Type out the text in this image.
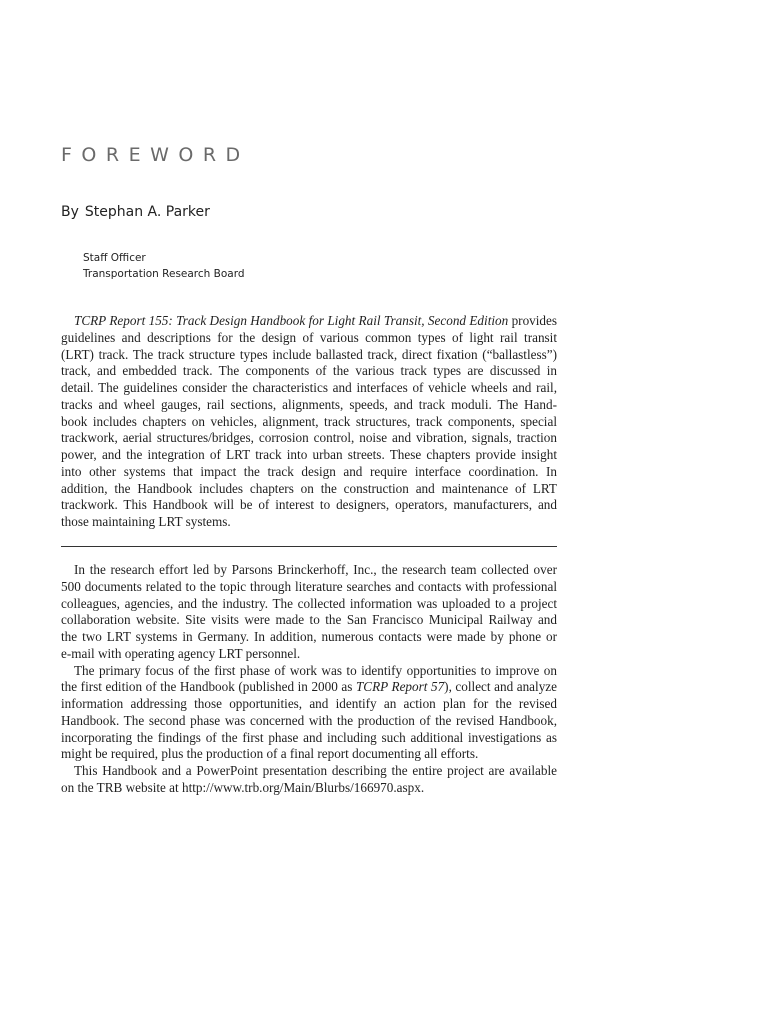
FOREWORD
By Stephan A. Parker
Staff Officer
Transportation Research Board
TCRP Report 155: Track Design Handbook for Light Rail Transit, Second Edition provides
guidelines and descriptions for the design of various common types of light rail transit
(LRT) track. The track structure types include ballasted track, direct fixation (“ballastless”)
track, and embedded track. The components of the various track types are discussed in
detail. The guidelines consider the characteristics and interfaces of vehicle wheels and rail,
tracks and wheel gauges, rail sections, alignments, speeds, and track moduli. The Hand-
book includes chapters on vehicles, alignment, track structures, track components, special
trackwork, aerial structures/bridges, corrosion control, noise and vibration, signals, traction
power, and the integration of LRT track into urban streets. These chapters provide insight
into other systems that impact the track design and require interface coordination. In
addition, the Handbook includes chapters on the construction and maintenance of LRT
trackwork. This Handbook will be of interest to designers, operators, manufacturers, and
those maintaining LRT systems.
In the research effort led by Parsons Brinckerhoff, Inc., the research team collected over
500 documents related to the topic through literature searches and contacts with professional
colleagues, agencies, and the industry. The collected information was uploaded to a project
collaboration website. Site visits were made to the San Francisco Municipal Railway and
the two LRT systems in Germany. In addition, numerous contacts were made by phone or
e-mail with operating agency LRT personnel.
The primary focus of the first phase of work was to identify opportunities to improve on
the first edition of the Handbook (published in 2000 as TCRP Report 57), collect and analyze
information addressing those opportunities, and identify an action plan for the revised
Handbook. The second phase was concerned with the production of the revised Handbook,
incorporating the findings of the first phase and including such additional investigations as
might be required, plus the production of a final report documenting all efforts.
This Handbook and a PowerPoint presentation describing the entire project are available
on the TRB website at http://www.trb.org/Main/Blurbs/166970.aspx.
